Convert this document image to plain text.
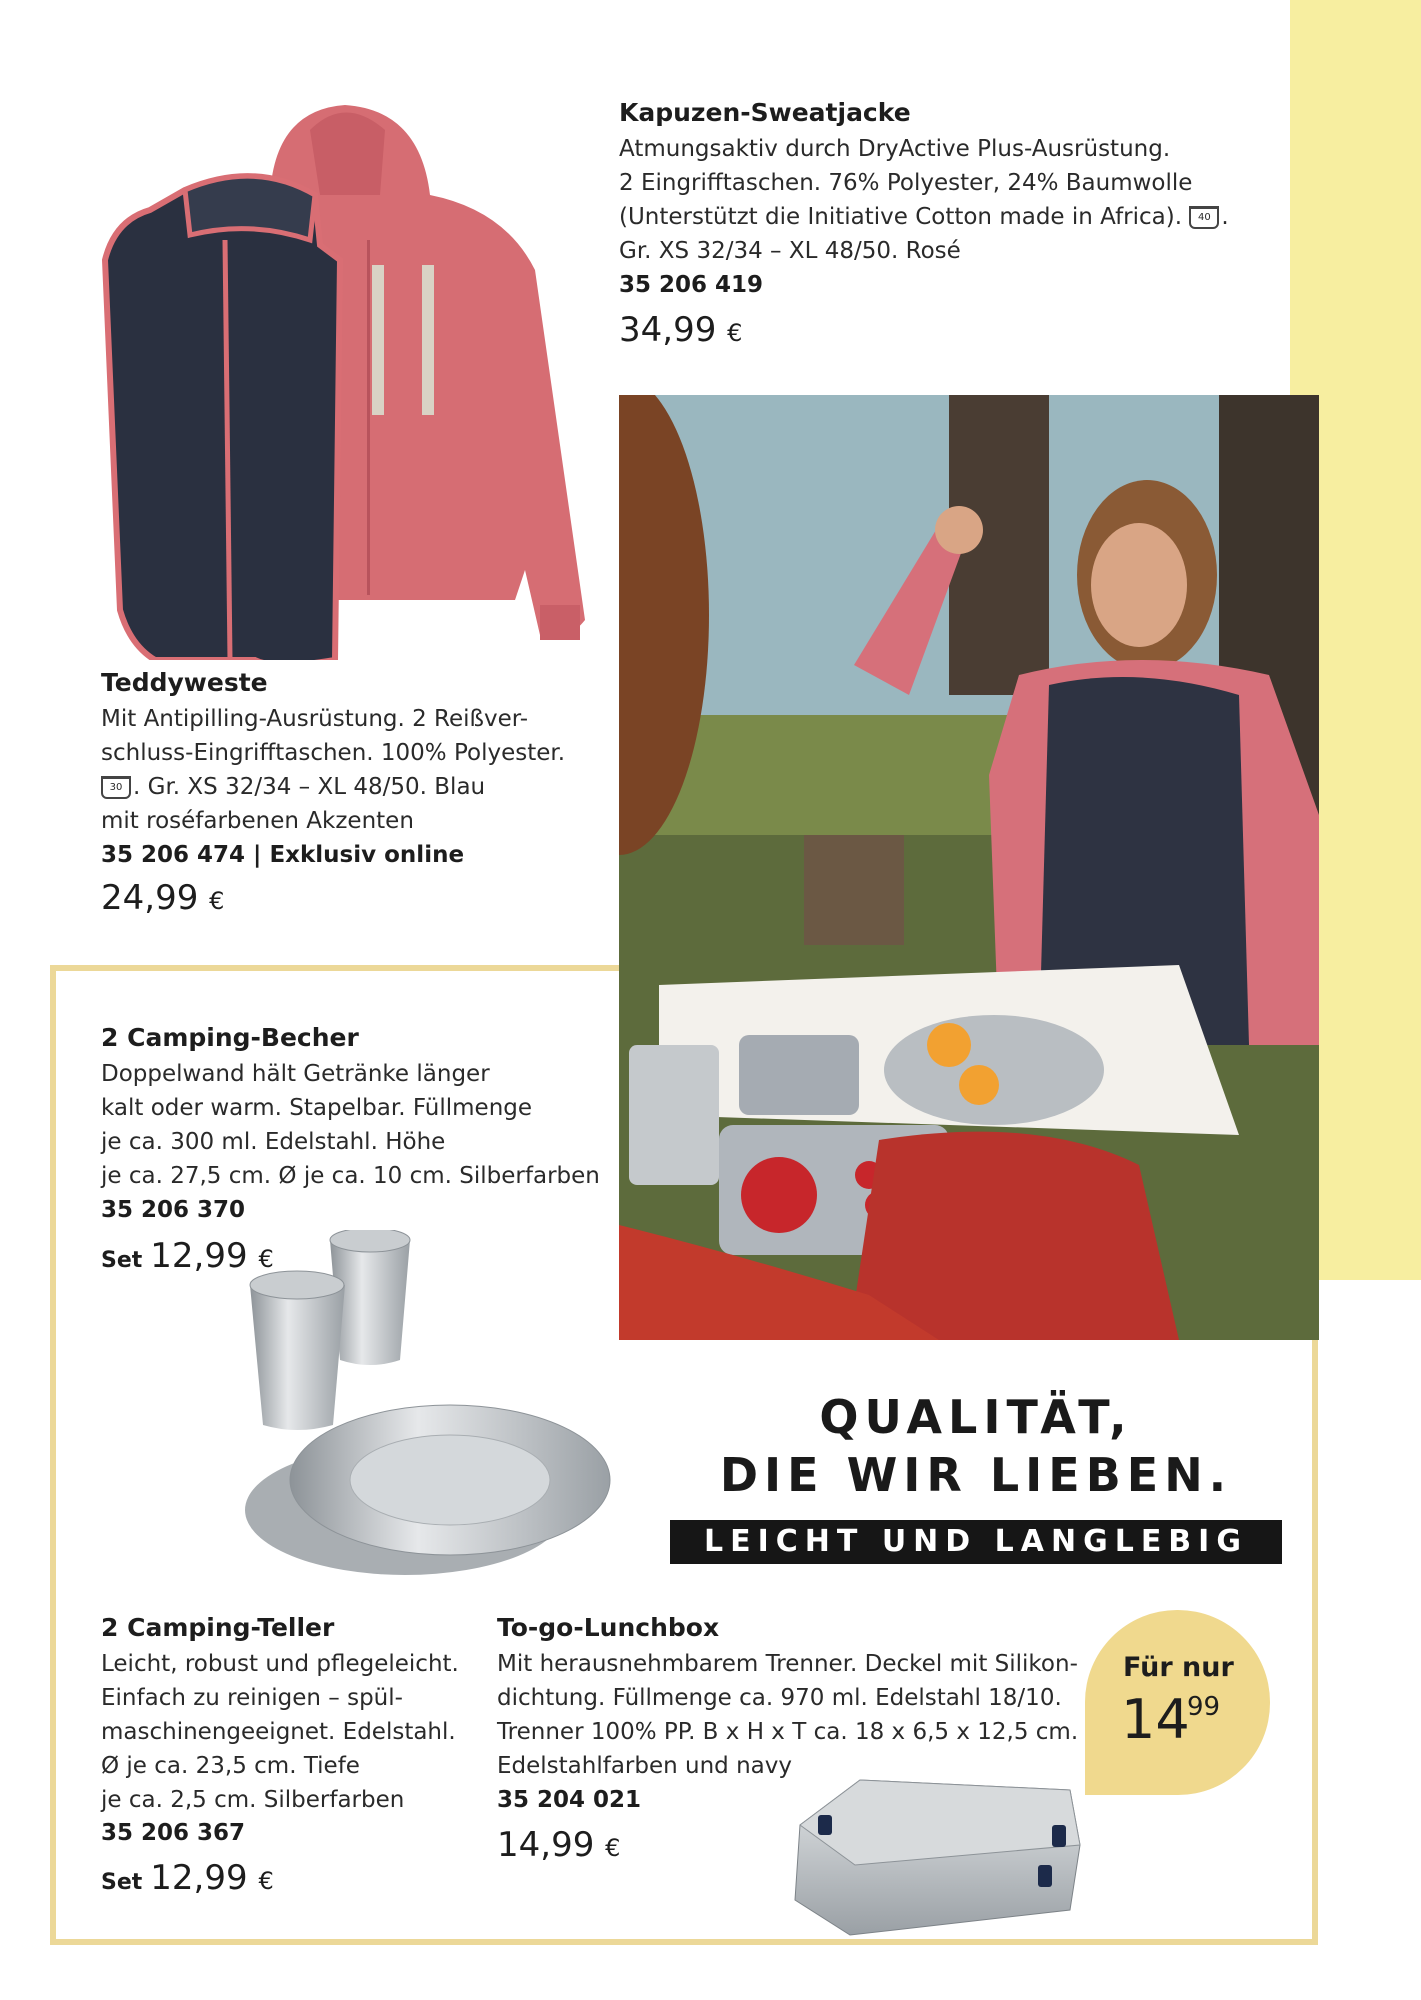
Kapuzen-Sweatjacke
Atmungsaktiv durch DryActive Plus-Ausrüstung.
2 Eingrifftaschen. 76% Polyester, 24% Baumwolle
(Unterstützt die Initiative Cotton made in Africa). 40 .
Gr. XS 32/34 – XL 48/50. Rosé
35 206 419
34,99 €
Teddyweste
Mit Antipilling-Ausrüstung. 2 Reißver-
schluss-Eingrifftaschen. 100% Polyester.
30 . Gr. XS 32/34 – XL 48/50. Blau
mit roséfarbenen Akzenten
35 206 474 | Exklusiv online
24,99 €
2 Camping-Becher
Doppelwand hält Getränke länger
kalt oder warm. Stapelbar. Füllmenge
je ca. 300 ml. Edelstahl. Höhe
je ca. 27,5 cm. Ø je ca. 10 cm. Silberfarben
35 206 370
Set 12,99 €
QUALITÄT,
DIE WIR LIEBEN.
LEICHT UND LANGLEBIG
2 Camping-Teller
Leicht, robust und pflegeleicht.
Einfach zu reinigen – spül-
maschinengeeignet. Edelstahl.
Ø je ca. 23,5 cm. Tiefe
je ca. 2,5 cm. Silberfarben
35 206 367
Set 12,99 €
To-go-Lunchbox
Mit herausnehmbarem Trenner. Deckel mit Silikon-
dichtung. Füllmenge ca. 970 ml. Edelstahl 18/10.
Trenner 100% PP. B x H x T ca. 18 x 6,5 x 12,5 cm.
Edelstahlfarben und navy
35 204 021
14,99 €
Für nur
14
99
